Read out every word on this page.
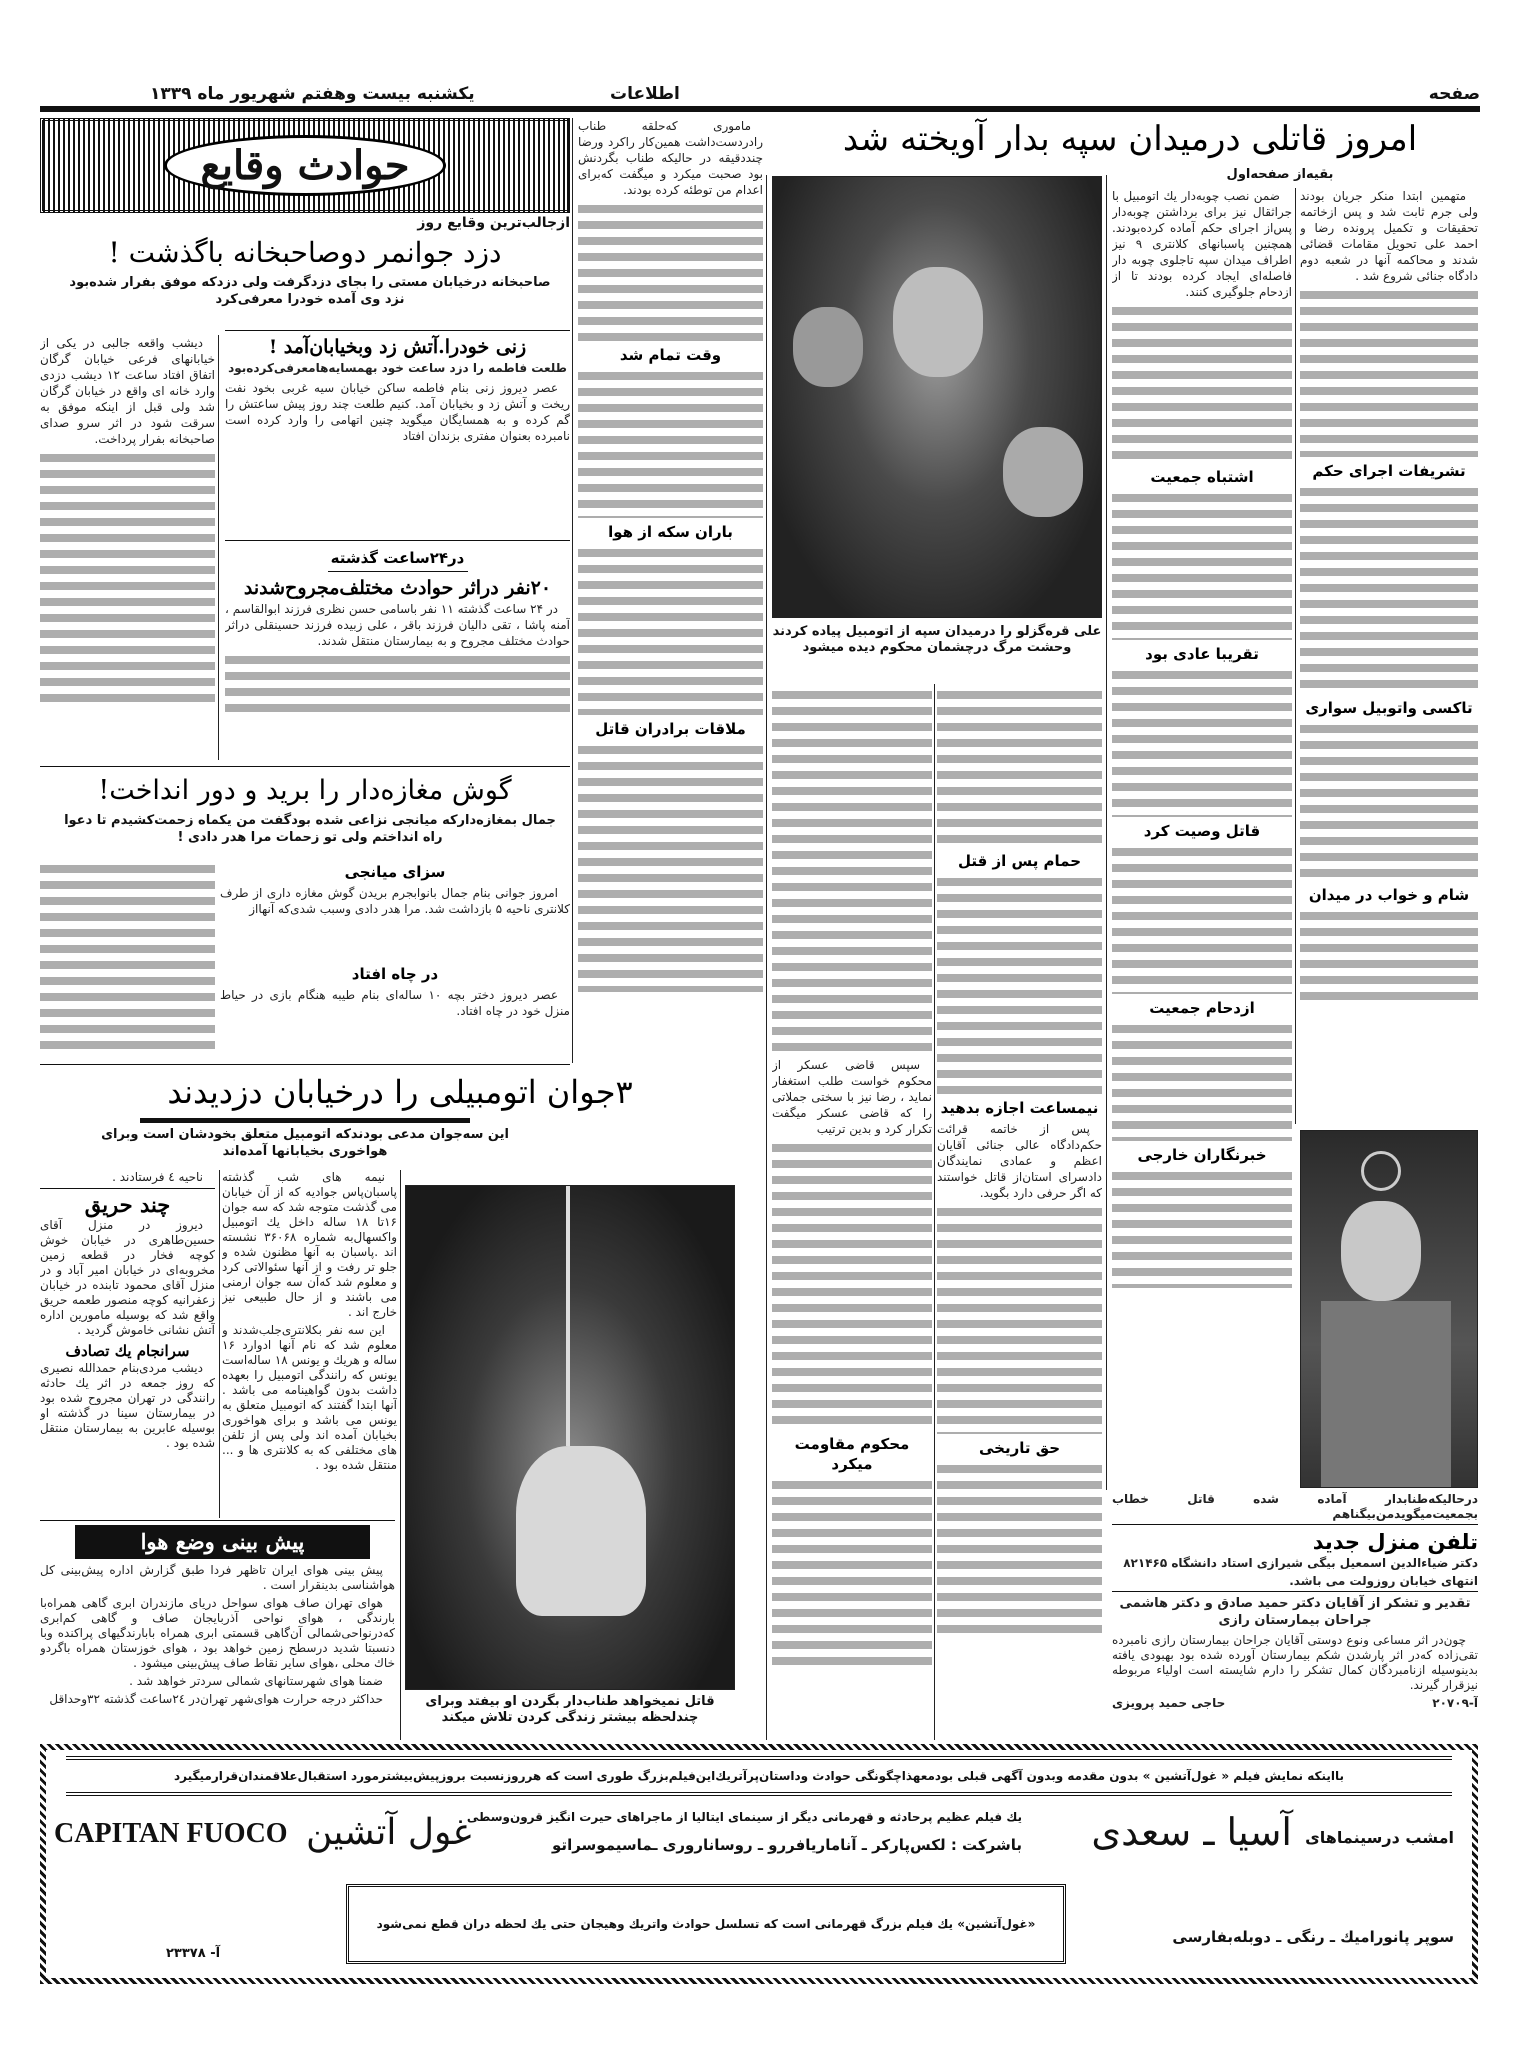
صفحه
اطلاعات
یکشنبه بیست وهفتم شهریور ماه ۱۳۳۹
امروز قاتلی درمیدان سپه بدار آویخته شد
حوادث وقایع
ازجالب‌ترین وقایع روز
دزد جوانمر دوصاحبخانه باگذشت !
صاحبخانه درخیابان مستی را بجای دزدگرفت ولی دزدکه موفق بفرار شده‌بود نزد وی آمده خودرا معرفی‌کرد

دیشب واقعه جالبی در یکی از خیابانهای فرعی خیابان گرگان اتفاق افتاد ساعت ۱۲ دیشب دزدی وارد خانه ای واقع در خیابان گرگان شد ولی قبل از اینکه موفق به سرقت شود در اثر سرو صدای صاحبخانه بفرار پرداخت.

زنی خودرا.آتش زد وبخیابان‌آمد !

طلعت فاطمه را دزد ساعت خود بهمسایه‌هامعرفی‌کرده‌بود

عصر دیروز زنی بنام فاطمه ساکن خیابان سیه غربی بخود نفت ریخت و آتش زد و بخیابان آمد. کنیم طلعت چند روز پیش ساعتش را گم کرده و به همسایگان میگوید چنین اتهامی را وارد کرده است نامبرده بعنوان مفتری بزندان افتاد

در۲۴ساعت گذشته
۲۰نفر دراثر حوادث مختلف‌مجروح‌شدند

در ۲۴ ساعت گذشته ۱۱ نفر باسامی حسن نظری فرزند ابوالقاسم ، آمنه پاشا ، تقی دالیان فرزند باقر ، علی زبیده فرزند حسینقلی دراثر حوادث مختلف مجروح و به بیمارستان منتقل شدند.

گوش مغازه‌دار را برید و دور انداخت!
جمال بمغازه‌دارکه میانجی نزاعی شده بودگفت من یکماه زحمت‌کشیدم تا دعوا راه انداختم ولی تو زحمات مرا هدر دادی !
سزای میانجی

امروز جوانی بنام جمال بانوابجرم بریدن گوش مغازه داری از طرف کلانتری ناحیه ۵ بازداشت شد. مرا هدر دادی وسبب شدی‌که آنهااز

در چاه افتاد

عصر دیروز دختر بچه ۱۰ ساله‌ای بنام طیبه هنگام بازی در حیاط منزل خود در چاه افتاد.

۳جوان اتومبیلی را درخیابان دزدیدند
این سه‌جوان مدعی بودندکه اتومبیل متعلق بخودشان است وبرای هواخوری بخیابانها آمده‌اند

نیمه های شب گذشته پاسبان‌پاس جوادیه که از آن خیابان می گذشت متوجه شد که سه جوان ۱۶تا ۱۸ ساله داخل یك اتومبیل واکسهال‌به شماره ۳۶۰۶۸ نشسته اند .پاسبان به آنها مظنون شده و جلو تر رفت و از آنها سئوالاتی کرد و معلوم شد که‌آن سه جوان ارمنی می باشند و از حال طبیعی نیز خارج اند .

این سه نفر بکلانتری‌جلب‌شدند و معلوم شد که نام آنها ادوارد ۱۶ ساله و هریك و یونس ۱۸ ساله‌است یونس که رانندگی اتومبیل را بعهده داشت بدون گواهینامه می باشد . آنها ابتدا گفتند که اتومبیل متعلق به یونس می باشد و برای هواخوری بخیابان آمده اند ولی پس از تلفن های مختلفی که به کلانتری ها و ... منتقل شده بود .

ناحیه ٤ فرستادند .

چند حریق

دیروز در منزل آقای حسین‌طاهری در خیابان خوش کوچه فخار در قطعه زمین مخروبه‌ای در خیابان امیر آباد و در منزل آقای محمود تابنده در خیابان زعفرانیه کوچه منصور طعمه حریق واقع شد که بوسیله مامورین اداره آتش نشانی خاموش گردید .

سرانجام یك تصادف

دیشب مردی‌بنام حمدالله نصیری که روز جمعه در اثر یك حادثه رانندگی در تهران مجروح شده بود در بیمارستان سینا در گذشته او بوسیله عابرین به بیمارستان منتقل شده بود .

پیش بینی وضع هوا

پیش بینی هوای ایران تاظهر فردا طبق گزارش اداره پیش‌بینی کل هواشناسی بدینقرار است .

هوای تهران صاف هوای سواحل دریای مازندران ابری گاهی همراه‌با بارندگی ، هوای نواحی آذربایجان صاف و گاهی کم‌ابری که‌درنواحی‌شمالی آن‌گاهی قسمتی ابری همراه بابارندگیهای پراکنده وبا دنسبتا شدید درسطح زمین خواهد بود ، هوای خوزستان همراه باگردو خاك محلی ،هوای سایر نقاط صاف پیش‌بینی میشود .

ضمنا هوای شهرستانهای شمالی سردتر خواهد شد .

حداکثر درجه حرارت هوای‌شهر تهران‌در ۲٤ساعت گذشته ۳۲وحداقل	قاتل نمیخواهد طناب‌دار بگردن او بیفتد وبرای چندلحظه بیشتر زندگی کردن تلاش میکند

ماموری که‌حلقه طناب را‌دردست‌داشت همین‌کار را‌کرد ورضا چنددقیقه در حالیکه طناب بگردنش بود صحبت میکرد و میگفت که‌برای اعدام من توطئه کرده بودند.

وقت تمام شد
باران سکه از هوا
ملاقات برادران قاتل
علی قره‌گزلو را درمیدان سپه از اتومبیل پیاده کردند وحشت مرگ درچشمان محکوم دیده میشود
حمام پس از قتل
نیمساعت اجازه بدهید

پس از خاتمه قرائت حکم‌دادگاه عالی جنائی آقایان اعظم و عمادی نمایندگان دادسرای استان‌از قاتل خواستند که اگر حرفی دارد بگوید.

حق تاریخی

سپس قاضی عسکر از محکوم خواست طلب استغفار نماید ، رضا نیز با سختی جملاتی را که قاضی عسکر میگفت تکرار کرد و بدین ترتیب

محکوم مقاومت میکرد
بقیه‌از صفحه‌اول

متهمین ابتدا منکر جریان بودند ولی جرم ثابت شد و پس ازخاتمه تحقیقات و تکمیل پرونده رضا و احمد علی تحویل مقامات قضائی شدند و محاکمه آنها در شعبه دوم دادگاه جنائی شروع شد .

تشریفات اجرای حکم
تاکسی واتوبیل سواری
شام و خواب در میدان

ضمن نصب چوبه‌دار یك اتومبیل با جراثقال نیز برای برداشتن چوبه‌دار پس‌از اجرای حکم آماده کرده‌بودند. همچنین پاسبانهای کلانتری ۹ نیز اطراف میدان سپه تاجلوی چوبه دار فاصله‌ای ایجاد کرده بودند تا از ازدحام جلوگیری کنند.

اشتباه جمعیت
تقریبا عادی بود
قاتل وصیت کرد
ازدحام جمعیت
خبرنگاران خارجی

درحالیکه‌طنابدار آماده شده قاتل خطاب بجمعیت‌میگوید‌من‌بیگناهم

تلفن منزل جدید

دکتر ضیاءالدین اسمعیل بیگی شیرازی استاد دانشگاه ۸۲۱۴۶۵

انتهای خیابان روزولت می باشد.

تقدیر و تشکر از آقایان دکتر حمید صادق و دکتر هاشمی جراحان بیمارستان رازی

چون‌در اثر مساعی ونوع دوستی آقایان جراحان بیمارستان رازی نامبرده تقی‌زاده که‌در اثر پارشدن شکم بیمارستان آورده شده بود بهبودی یافته بدینوسیله ازنامبردگان کمال تشکر را دارم شایسته است اولیاء مربوطه نیزقرار گیرند.

آ-۲۰۷۰۹
حاجی حمید پرویزی
بااینکه نمایش فیلم « غول‌آتشین » بدون مقدمه وبدون آگهی قبلی بودمعهذاچگونگی حوادث وداستان‌پرآتریك‌این‌فیلم‌بزرگ طوری است که هرروزنسبت بروزپیش‌بیشترمورد استقبال‌علاقمندان‌قرارمیگیرد
امشب درسینماهای
آسیا ـ سعدی
یك فیلم عظیم پرحادثه و قهرمانی دیگر از سینمای ایتالیا از ماجراهای حیرت انگیز قرون‌وسطی
باشرکت : لکس‌پارکر ـ آناماریافررو ـ روساناروری ـماسیموسراتو
غول آتشین
CAPITAN FUOCO
سوپر پانوراميك ـ رنگی ـ دوبله‌بفارسی
«غول‌آتشین» یك فیلم بزرگ قهرمانی است که تسلسل حوادث واتریك وهیجان حتی یك لحظه دران قطع نمی‌شود
آ- ۲۳۳۷۸
